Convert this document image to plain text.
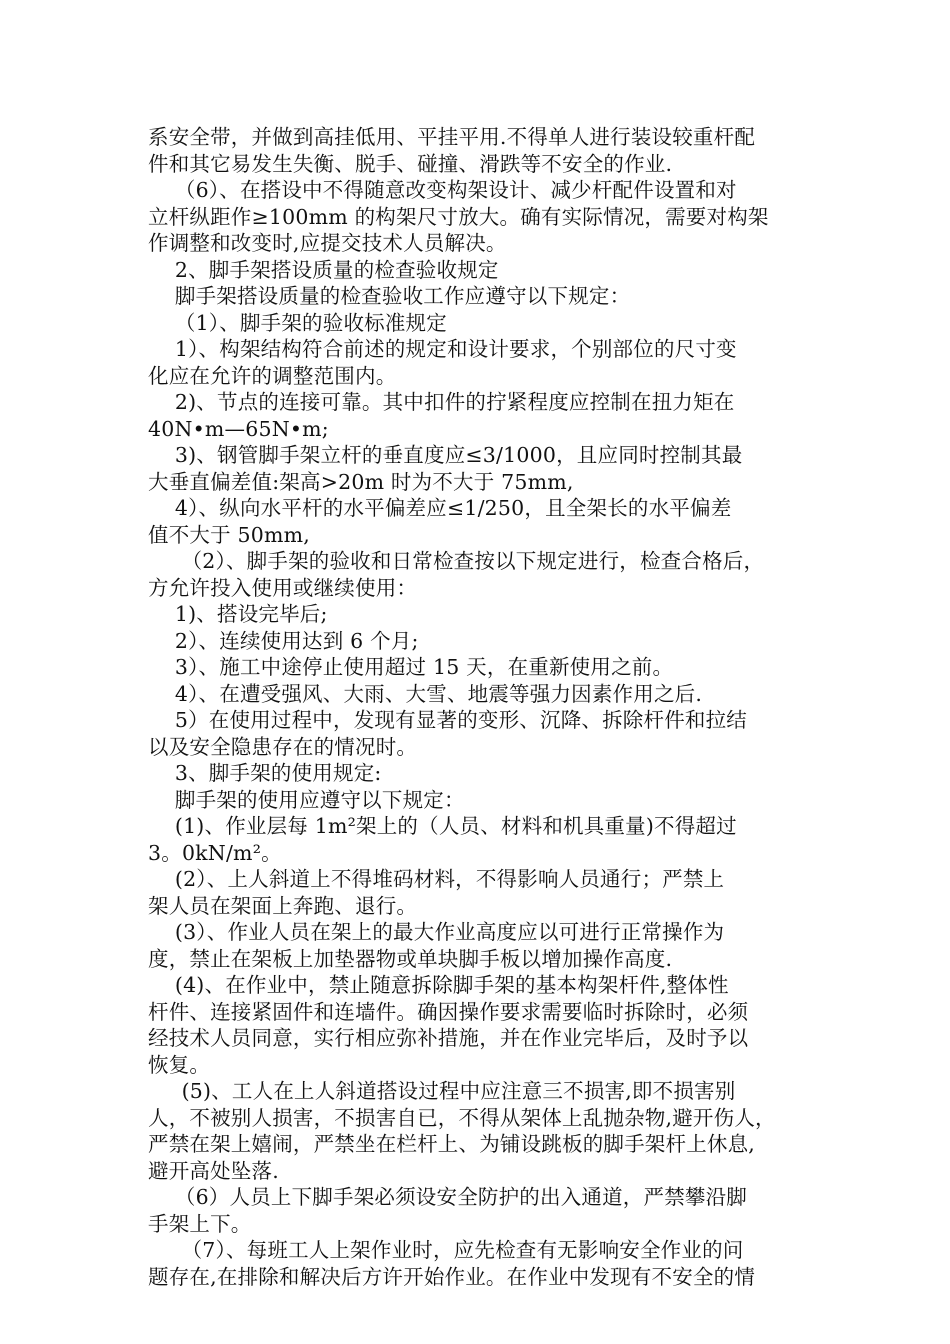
系安全带，并做到高挂低用、平挂平用.不得单人进行装设较重杆配
件和其它易发生失衡、脱手、碰撞、滑跌等不安全的作业.
（6）、在搭设中不得随意改变构架设计、减少杆配件设置和对
立杆纵距作≥100mm 的构架尺寸放大。确有实际情况，需要对构架
作调整和改变时,应提交技术人员解决。
2、脚手架搭设质量的检查验收规定
脚手架搭设质量的检查验收工作应遵守以下规定：
（1）、脚手架的验收标准规定
1）、构架结构符合前述的规定和设计要求，个别部位的尺寸变
化应在允许的调整范围内。
2)、节点的连接可靠。其中扣件的拧紧程度应控制在扭力矩在
40N•m—65N•m;
3)、钢管脚手架立杆的垂直度应≤3/1000，且应同时控制其最
大垂直偏差值:架高>20m 时为不大于 75mm,
4）、纵向水平杆的水平偏差应≤1/250，且全架长的水平偏差
值不大于 50mm,
（2）、脚手架的验收和日常检查按以下规定进行，检查合格后，
方允许投入使用或继续使用：
1)、搭设完毕后;
2）、连续使用达到 6 个月;
3）、施工中途停止使用超过 15 天，在重新使用之前。
4）、在遭受强风、大雨、大雪、地震等强力因素作用之后.
5）在使用过程中，发现有显著的变形、沉降、拆除杆件和拉结
以及安全隐患存在的情况时。
3、脚手架的使用规定:
脚手架的使用应遵守以下规定：
(1)、作业层每 1m²架上的（人员、材料和机具重量)不得超过
3。0kN/m²。
(2）、上人斜道上不得堆码材料，不得影响人员通行；严禁上
架人员在架面上奔跑、退行。
(3）、作业人员在架上的最大作业高度应以可进行正常操作为
度，禁止在架板上加垫器物或单块脚手板以增加操作高度.
(4)、在作业中，禁止随意拆除脚手架的基本构架杆件,整体性
杆件、连接紧固件和连墙件。确因操作要求需要临时拆除时，必须
经技术人员同意，实行相应弥补措施，并在作业完毕后，及时予以
恢复。
(5)、工人在上人斜道搭设过程中应注意三不损害,即不损害别
人，不被别人损害，不损害自已，不得从架体上乱抛杂物,避开伤人，
严禁在架上嬉闹，严禁坐在栏杆上、为铺设跳板的脚手架杆上休息,
避开高处坠落.
（6）人员上下脚手架必须设安全防护的出入通道，严禁攀沿脚
手架上下。
（7）、每班工人上架作业时，应先检查有无影响安全作业的问
题存在,在排除和解决后方许开始作业。在作业中发现有不安全的情
